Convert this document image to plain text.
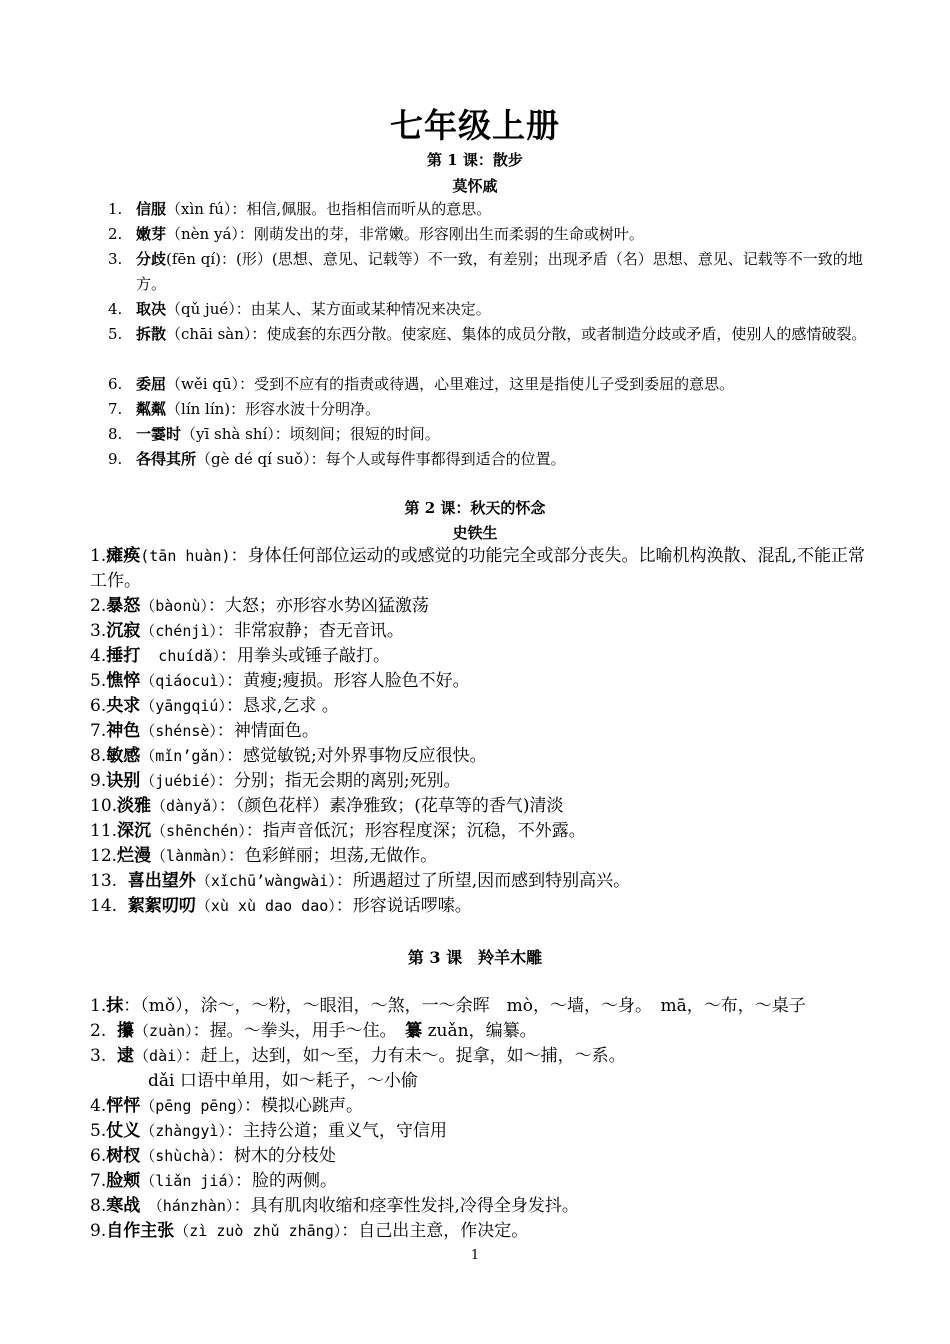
七年级上册
第 1 课：散步
莫怀戚
1. 信服（xìn fú）：相信,佩服。也指相信而听从的意思。
2. 嫩芽（nèn yá）：刚萌发出的芽，非常嫩。形容刚出生而柔弱的生命或树叶。
3. 分歧(fēn qí)：(形）(思想、意见、记载等）不一致，有差别；出现矛盾（名）思想、意见、记载等不一致的地方。
4. 取决（qǔ jué）：由某人、某方面或某种情况来决定。
5. 拆散（chāi sàn）：使成套的东西分散。使家庭、集体的成员分散，或者制造分歧或矛盾，使别人的感情破裂。
6. 委屈（wěi qū）：受到不应有的指责或待遇，心里难过，这里是指使儿子受到委屈的意思。
7. 粼粼（lín lín)：形容水波十分明净。
8. 一霎时（yī shà shí）：顷刻间；很短的时间。
9. 各得其所（gè dé qí suǒ）：每个人或每件事都得到适合的位置。
第 2 课：秋天的怀念
史铁生
1.瘫痪(tān huàn)：身体任何部位运动的或感觉的功能完全或部分丧失。比喻机构涣散、混乱,不能正常工作。
2.暴怒（bàonù）：大怒；亦形容水势凶猛激荡
3.沉寂（chénjì）：非常寂静；杳无音讯。
4.捶打  chuídǎ）：用拳头或锤子敲打。
5.憔悴（qiáocuì）：黄瘦;瘦损。形容人脸色不好。
6.央求（yāngqiú）：恳求,乞求 。
7.神色（shénsè）：神情面色。
8.敏感（mǐn’gǎn）：感觉敏锐;对外界事物反应很快。
9.诀别（juébié）：分别；指无会期的离别;死别。
10.淡雅（dànyǎ）：（颜色花样）素净雅致；(花草等的香气)清淡
11.深沉（shēnchén）：指声音低沉；形容程度深；沉稳，不外露。
12.烂漫（lànmàn）：色彩鲜丽；坦荡,无做作。
13. 喜出望外（xǐchū’wàngwài）：所遇超过了所望,因而感到特别高兴。
14. 絮絮叨叨（xù xù dao dao）：形容说话啰嗦。
第 3 课　羚羊木雕
1.抹：（mǒ），涂～，～粉，～眼泪，～煞，一～余晖　mò，～墙，～身。　mā，～布，～桌子
2. 攥（zuàn）：握。～拳头，用手～住。　纂 zuǎn，编纂。
3. 逮（dài）：赶上，达到，如～至，力有未～。捉拿，如～捕，～系。
dǎi 口语中单用，如～耗子，～小偷
4.怦怦（pēng pēng）：模拟心跳声。
5.仗义（zhàngyì）：主持公道；重义气，守信用
6.树杈（shùchà）：树木的分枝处
7.脸颊（liǎn jiá）：脸的两侧。
8.寒战　（hánzhàn）：具有肌肉收缩和痉挛性发抖,冷得全身发抖。
9.自作主张（zì zuò zhǔ zhāng）：自己出主意，作决定。
1
